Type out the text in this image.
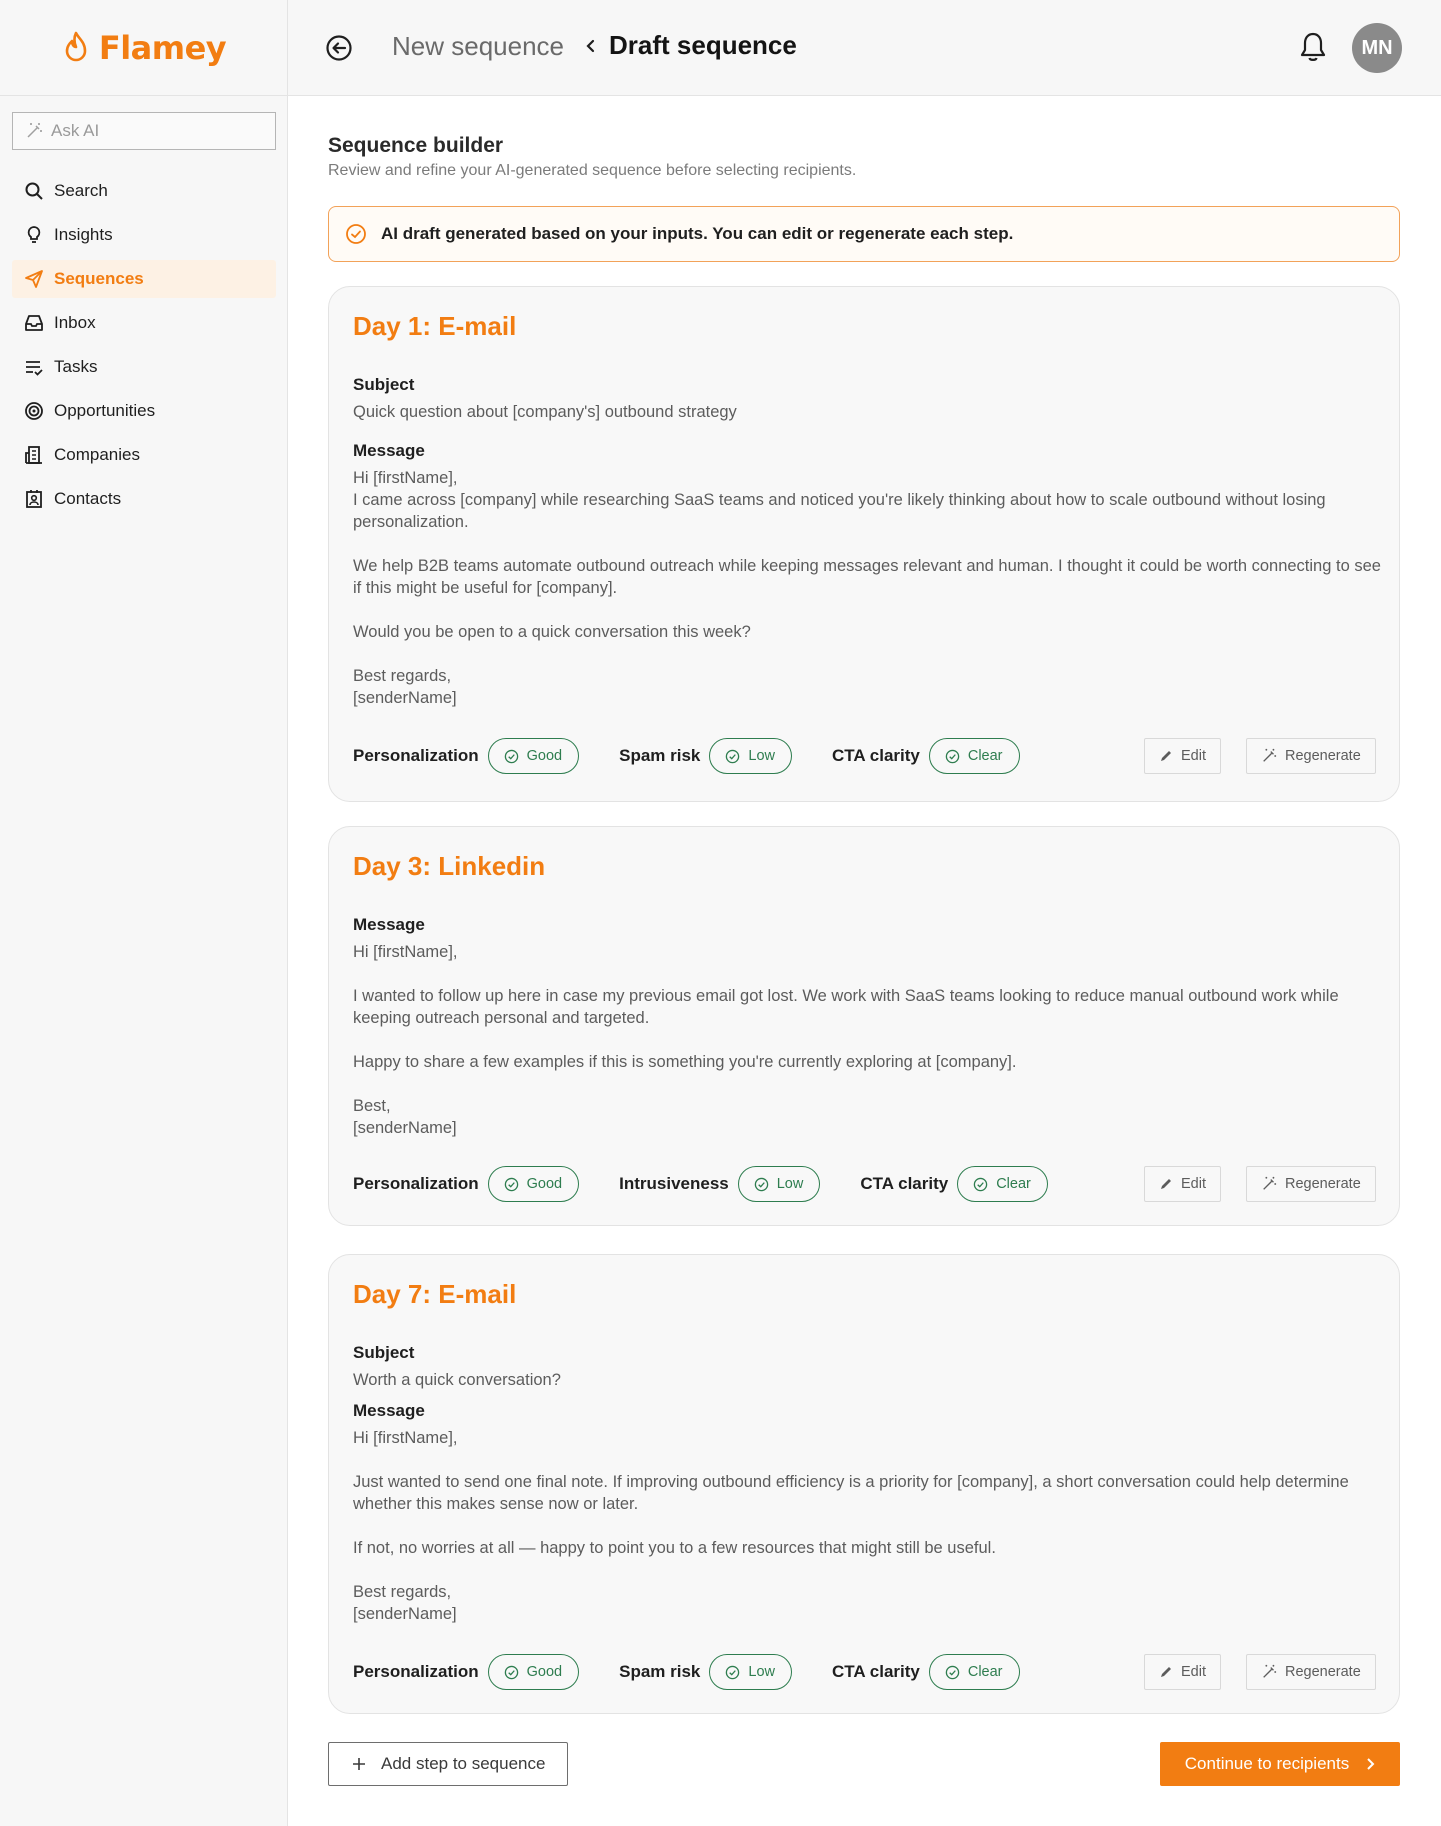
Flamey
Ask AI
Search
Insights
Sequences
Inbox
Tasks
Opportunities
Companies
Contacts
New sequence Draft sequence	MN
Sequence builder

Review and refine your AI-generated sequence before selecting recipients.

AI draft generated based on your inputs. You can edit or regenerate each step.
Day 1: E-mail
Subject
Quick question about [company's] outbound strategy
Message
Hi [firstName],
I came across [company] while researching SaaS teams and noticed you're likely thinking about how to scale outbound without losing personalization.
We help B2B teams automate outbound outreach while keeping messages relevant and human. I thought it could be worth connecting to see if this might be useful for [company].
Would you be open to a quick conversation this week?
Best regards,
[senderName]
Personalization	Good	Spam risk	Low	CTA clarity	Clear	Edit	Regenerate
Day 3: Linkedin
Message
Hi [firstName],
I wanted to follow up here in case my previous email got lost. We work with SaaS teams looking to reduce manual outbound work while keeping outreach personal and targeted.
Happy to share a few examples if this is something you're currently exploring at [company].
Best,
[senderName]
Personalization	Good	Intrusiveness	Low	CTA clarity	Clear	Edit	Regenerate
Day 7: E-mail
Subject
Worth a quick conversation?
Message
Hi [firstName],
Just wanted to send one final note. If improving outbound efficiency is a priority for [company], a short conversation could help determine whether this makes sense now or later.
If not, no worries at all — happy to point you to a few resources that might still be useful.
Best regards,
[senderName]
Personalization	Good	Spam risk	Low	CTA clarity	Clear	Edit	Regenerate
Add step to sequence	Continue to recipients
